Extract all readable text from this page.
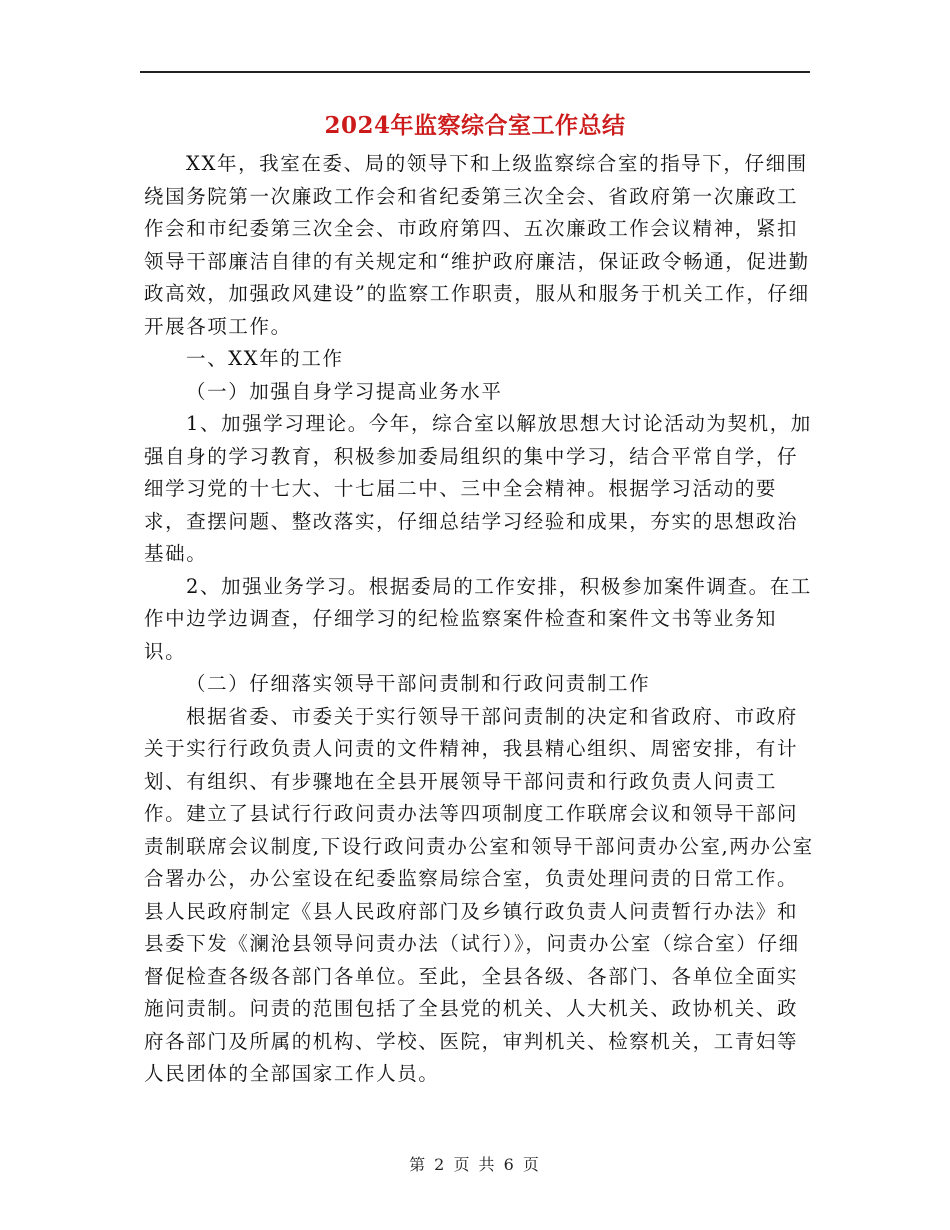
2024年监察综合室工作总结

XX年，我室在委、局的领导下和上级监察综合室的指导下，仔细围绕国务院第一次廉政工作会和省纪委第三次全会、省政府第一次廉政工作会和市纪委第三次全会、市政府第四、五次廉政工作会议精神，紧扣领导干部廉洁自律的有关规定和“维护政府廉洁，保证政令畅通，促进勤政高效，加强政风建设”的监察工作职责，服从和服务于机关工作，仔细开展各项工作。

一、XX年的工作

（一）加强自身学习提高业务水平

1、加强学习理论。今年，综合室以解放思想大讨论活动为契机，加强自身的学习教育，积极参加委局组织的集中学习，结合平常自学，仔细学习党的十七大、十七届二中、三中全会精神。根据学习活动的要求，查摆问题、整改落实，仔细总结学习经验和成果，夯实的思想政治基础。

2、加强业务学习。根据委局的工作安排，积极参加案件调查。在工作中边学边调查，仔细学习的纪检监察案件检查和案件文书等业务知识。

（二）仔细落实领导干部问责制和行政问责制工作

根据省委、市委关于实行领导干部问责制的决定和省政府、市政府关于实行行政负责人问责的文件精神，我县精心组织、周密安排，有计划、有组织、有步骤地在全县开展领导干部问责和行政负责人问责工作。建立了县试行行政问责办法等四项制度工作联席会议和领导干部问责制联席会议制度,下设行政问责办公室和领导干部问责办公室,两办公室合署办公，办公室设在纪委监察局综合室，负责处理问责的日常工作。县人民政府制定《县人民政府部门及乡镇行政负责人问责暂行办法》和县委下发《澜沧县领导问责办法（试行）》，问责办公室（综合室）仔细督促检查各级各部门各单位。至此，全县各级、各部门、各单位全面实施问责制。问责的范围包括了全县党的机关、人大机关、政协机关、政府各部门及所属的机构、学校、医院，审判机关、检察机关，工青妇等人民团体的全部国家工作人员。

第 2 页 共 6 页
